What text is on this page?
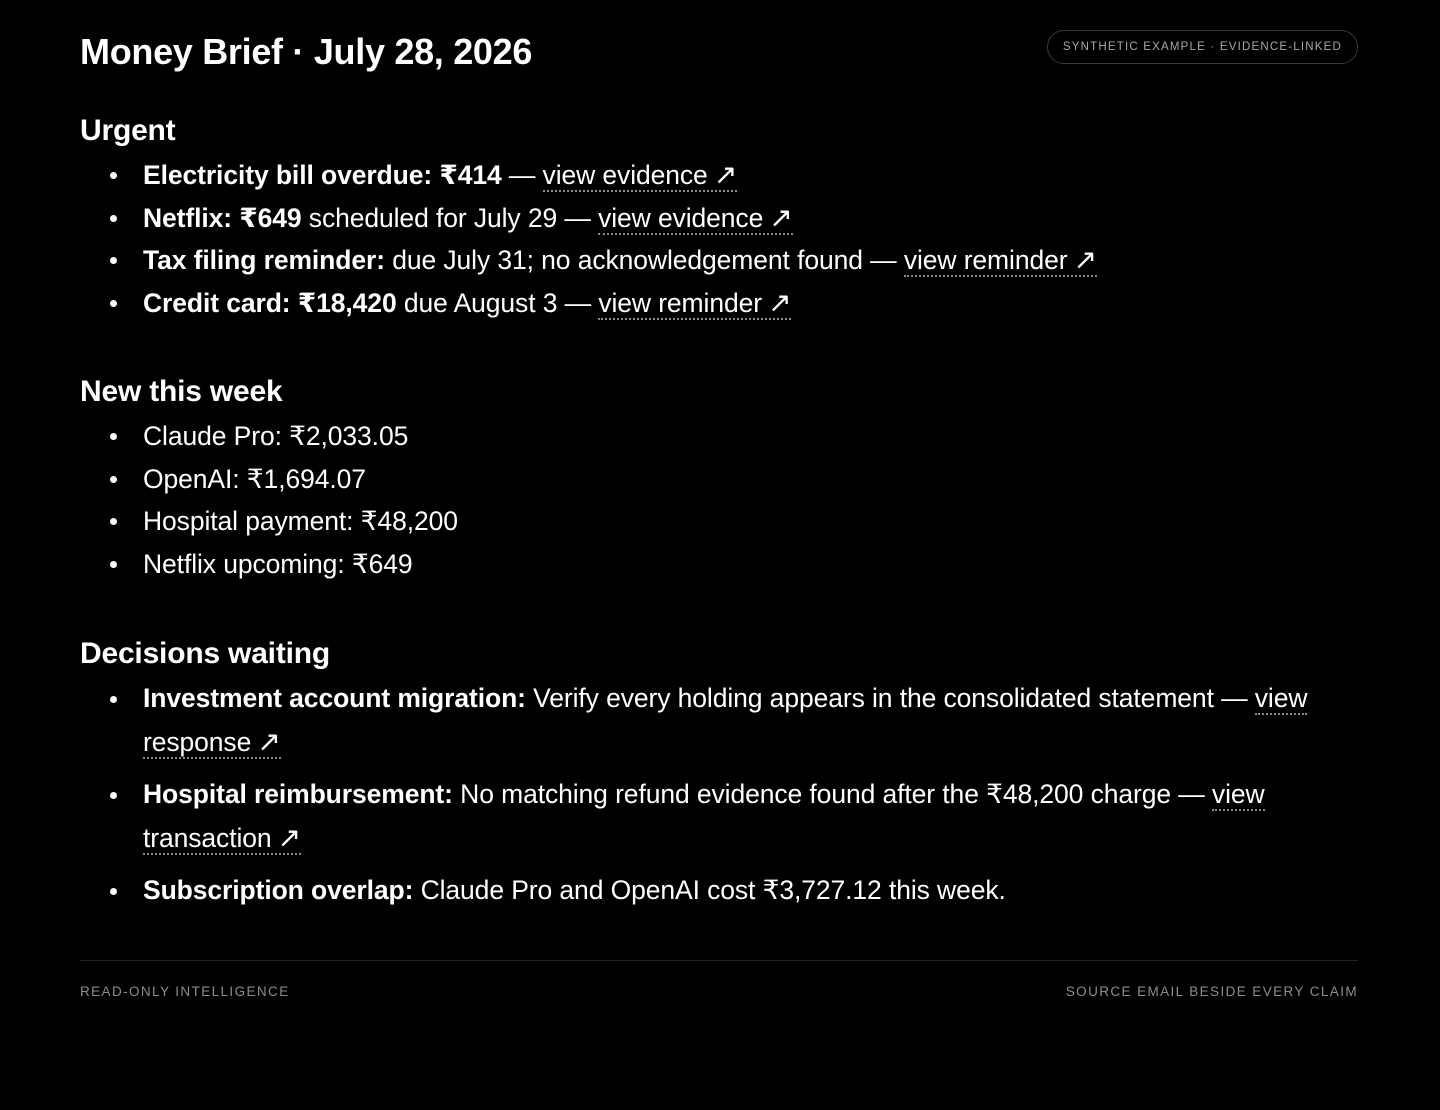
Money Brief · July 28, 2026	SYNTHETIC EXAMPLE · EVIDENCE-LINKED
Urgent
Electricity bill overdue: ₹414 — view evidence ↗
Netflix: ₹649 scheduled for July 29 — view evidence ↗
Tax filing reminder: due July 31; no acknowledgement found — view reminder ↗
Credit card: ₹18,420 due August 3 — view reminder ↗
New this week
Claude Pro: ₹2,033.05
OpenAI: ₹1,694.07
Hospital payment: ₹48,200
Netflix upcoming: ₹649
Decisions waiting
Investment account migration: Verify every holding appears in the consolidated statement — view response ↗
Hospital reimbursement: No matching refund evidence found after the ₹48,200 charge — view transaction ↗
Subscription overlap: Claude Pro and OpenAI cost ₹3,727.12 this week.
READ-ONLY INTELLIGENCE	SOURCE EMAIL BESIDE EVERY CLAIM
